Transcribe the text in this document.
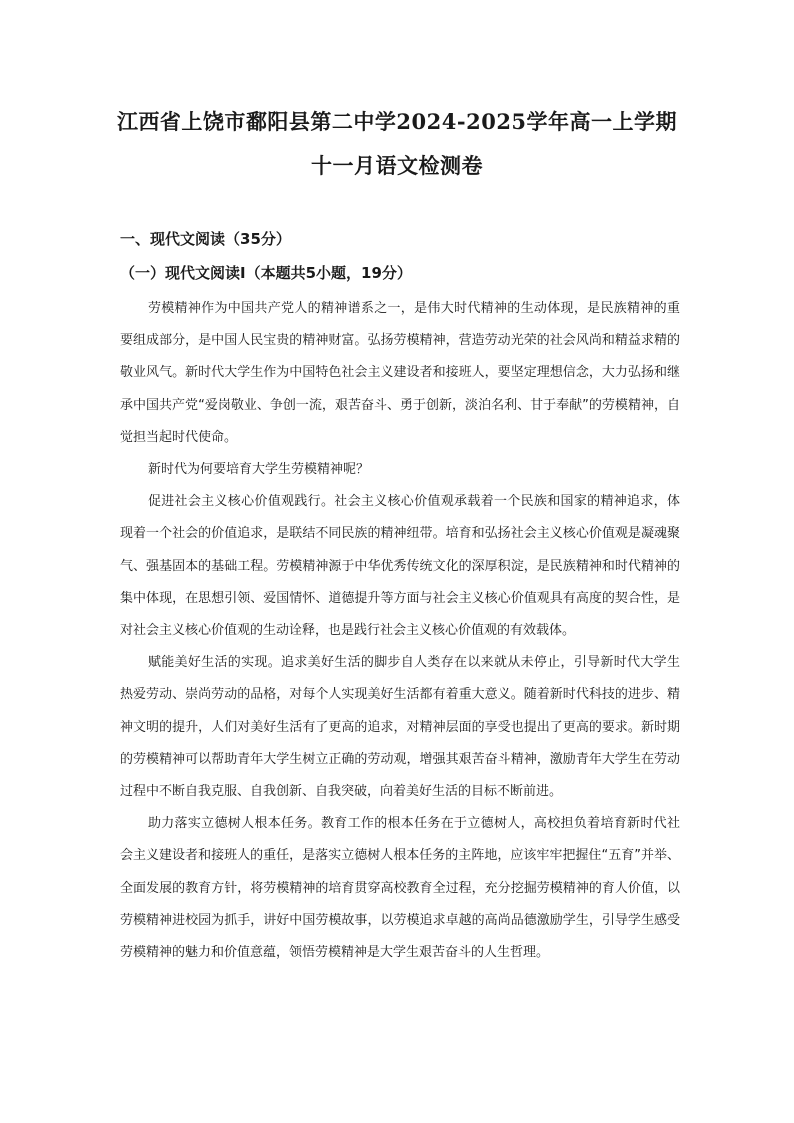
江西省上饶市鄱阳县第二中学2024-2025学年高一上学期
十一月语文检测卷
一、现代文阅读（35分）
（一）现代文阅读Ⅰ（本题共5小题，19分）

劳模精神作为中国共产党人的精神谱系之一，是伟大时代精神的生动体现，是民族精神的重要组成部分，是中国人民宝贵的精神财富。弘扬劳模精神，营造劳动光荣的社会风尚和精益求精的敬业风气。新时代大学生作为中国特色社会主义建设者和接班人，要坚定理想信念，大力弘扬和继承中国共产党“爱岗敬业、争创一流，艰苦奋斗、勇于创新，淡泊名利、甘于奉献”的劳模精神，自觉担当起时代使命。

新时代为何要培育大学生劳模精神呢？

促进社会主义核心价值观践行。社会主义核心价值观承载着一个民族和国家的精神追求，体现着一个社会的价值追求，是联结不同民族的精神纽带。培育和弘扬社会主义核心价值观是凝魂聚气、强基固本的基础工程。劳模精神源于中华优秀传统文化的深厚积淀，是民族精神和时代精神的集中体现，在思想引领、爱国情怀、道德提升等方面与社会主义核心价值观具有高度的契合性，是对社会主义核心价值观的生动诠释，也是践行社会主义核心价值观的有效载体。

赋能美好生活的实现。追求美好生活的脚步自人类存在以来就从未停止，引导新时代大学生热爱劳动、崇尚劳动的品格，对每个人实现美好生活都有着重大意义。随着新时代科技的进步、精神文明的提升，人们对美好生活有了更高的追求，对精神层面的享受也提出了更高的要求。新时期的劳模精神可以帮助青年大学生树立正确的劳动观，增强其艰苦奋斗精神，激励青年大学生在劳动过程中不断自我克服、自我创新、自我突破，向着美好生活的目标不断前进。

助力落实立德树人根本任务。教育工作的根本任务在于立德树人，高校担负着培育新时代社会主义建设者和接班人的重任，是落实立德树人根本任务的主阵地，应该牢牢把握住“五育”并举、全面发展的教育方针，将劳模精神的培育贯穿高校教育全过程，充分挖掘劳模精神的育人价值，以劳模精神进校园为抓手，讲好中国劳模故事，以劳模追求卓越的高尚品德激励学生，引导学生感受劳模精神的魅力和价值意蕴，领悟劳模精神是大学生艰苦奋斗的人生哲理。
